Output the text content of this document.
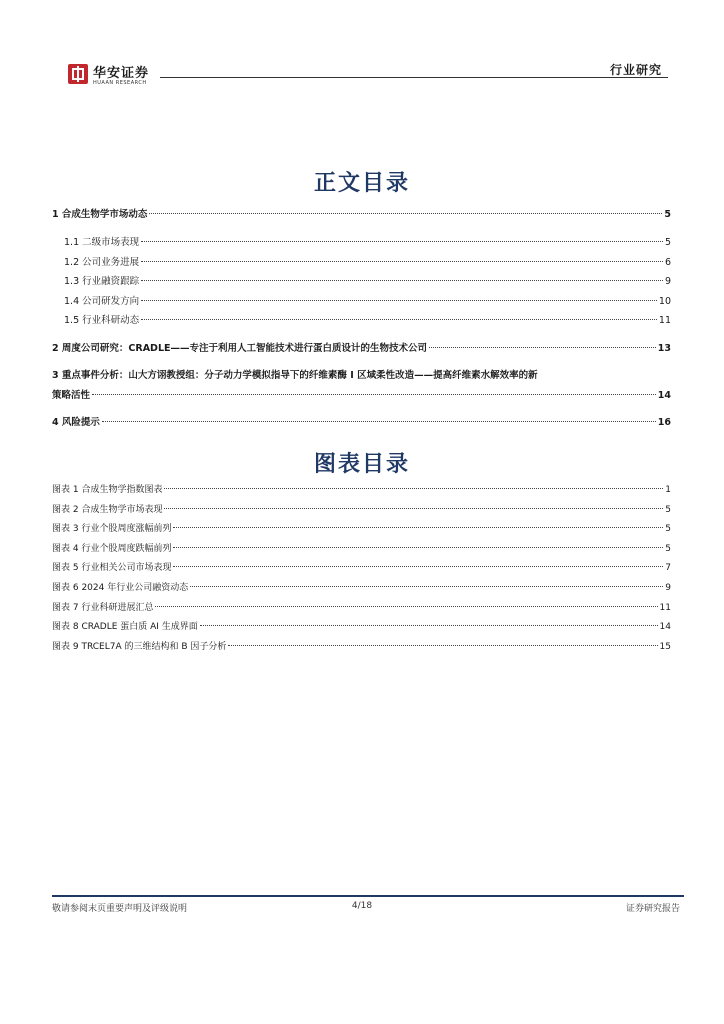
华安证券
HUAAN RESEARCH
行业研究
正文目录
1 合成生物学市场动态	5
1.1 二级市场表现	5
1.2 公司业务进展	6
1.3 行业融资跟踪	9
1.4 公司研发方向	10
1.5 行业科研动态	11
2 周度公司研究：CRADLE——专注于利用人工智能技术进行蛋白质设计的生物技术公司	13
3 重点事件分析：山大方诩教授组：分子动力学模拟指导下的纤维素酶 I 区域柔性改造——提高纤维素水解效率的新
策略活性	14
4 风险提示	16
图表目录
图表 1 合成生物学指数图表	1
图表 2 合成生物学市场表现	5
图表 3 行业个股周度涨幅前列	5
图表 4 行业个股周度跌幅前列	5
图表 5 行业相关公司市场表现	7
图表 6 2024 年行业公司融资动态	9
图表 7 行业科研进展汇总	11
图表 8 CRADLE 蛋白质 AI 生成界面	14
图表 9 TRCEL7A 的三维结构和 B 因子分析	15
敬请参阅末页重要声明及评级说明	4/18	证券研究报告
